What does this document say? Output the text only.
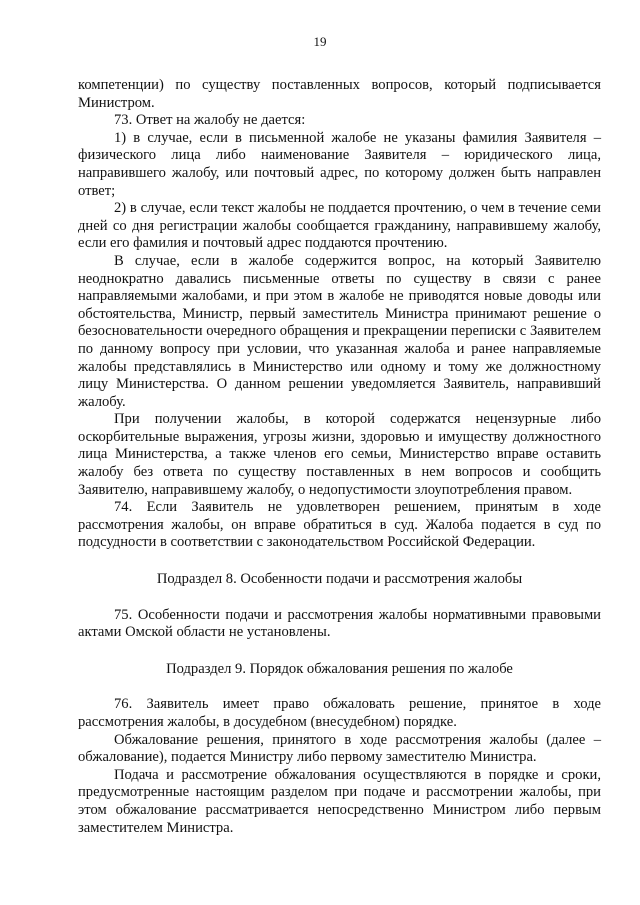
19

компетенции) по существу поставленных вопросов, который подписывается Министром.

73. Ответ на жалобу не дается:

1) в случае, если в письменной жалобе не указаны фамилия Заявителя – физического лица либо наименование Заявителя – юридического лица, направившего жалобу, или почтовый адрес, по которому должен быть направлен ответ;

2) в случае, если текст жалобы не поддается прочтению, о чем в течение семи дней со дня регистрации жалобы сообщается гражданину, направившему жалобу, если его фамилия и почтовый адрес поддаются прочтению.

В случае, если в жалобе содержится вопрос, на который Заявителю неоднократно давались письменные ответы по существу в связи с ранее направляемыми жалобами, и при этом в жалобе не приводятся новые доводы или обстоятельства, Министр, первый заместитель Министра принимают решение о безосновательности очередного обращения и прекращении переписки с Заявителем по данному вопросу при условии, что указанная жалоба и ранее направляемые жалобы представлялись в Министерство или одному и тому же должностному лицу Министерства. О данном решении уведомляется Заявитель, направивший жалобу.

При получении жалобы, в которой содержатся нецензурные либо оскорбительные выражения, угрозы жизни, здоровью и имуществу должностного лица Министерства, а также членов его семьи, Министерство вправе оставить жалобу без ответа по существу поставленных в нем вопросов и сообщить Заявителю, направившему жалобу, о недопустимости злоупотребления правом.

74. Если Заявитель не удовлетворен решением, принятым в ходе рассмотрения жалобы, он вправе обратиться в суд. Жалоба подается в суд по подсудности в соответствии с законодательством Российской Федерации.

Подраздел 8. Особенности подачи и рассмотрения жалобы

75. Особенности подачи и рассмотрения жалобы нормативными правовыми актами Омской области не установлены.

Подраздел 9. Порядок обжалования решения по жалобе

76. Заявитель имеет право обжаловать решение, принятое в ходе рассмотрения жалобы, в досудебном (внесудебном) порядке.

Обжалование решения, принятого в ходе рассмотрения жалобы (далее – обжалование), подается Министру либо первому заместителю Министра.

Подача и рассмотрение обжалования осуществляются в порядке и сроки, предусмотренные настоящим разделом при подаче и рассмотрении жалобы, при этом обжалование рассматривается непосредственно Министром либо первым заместителем Министра.
